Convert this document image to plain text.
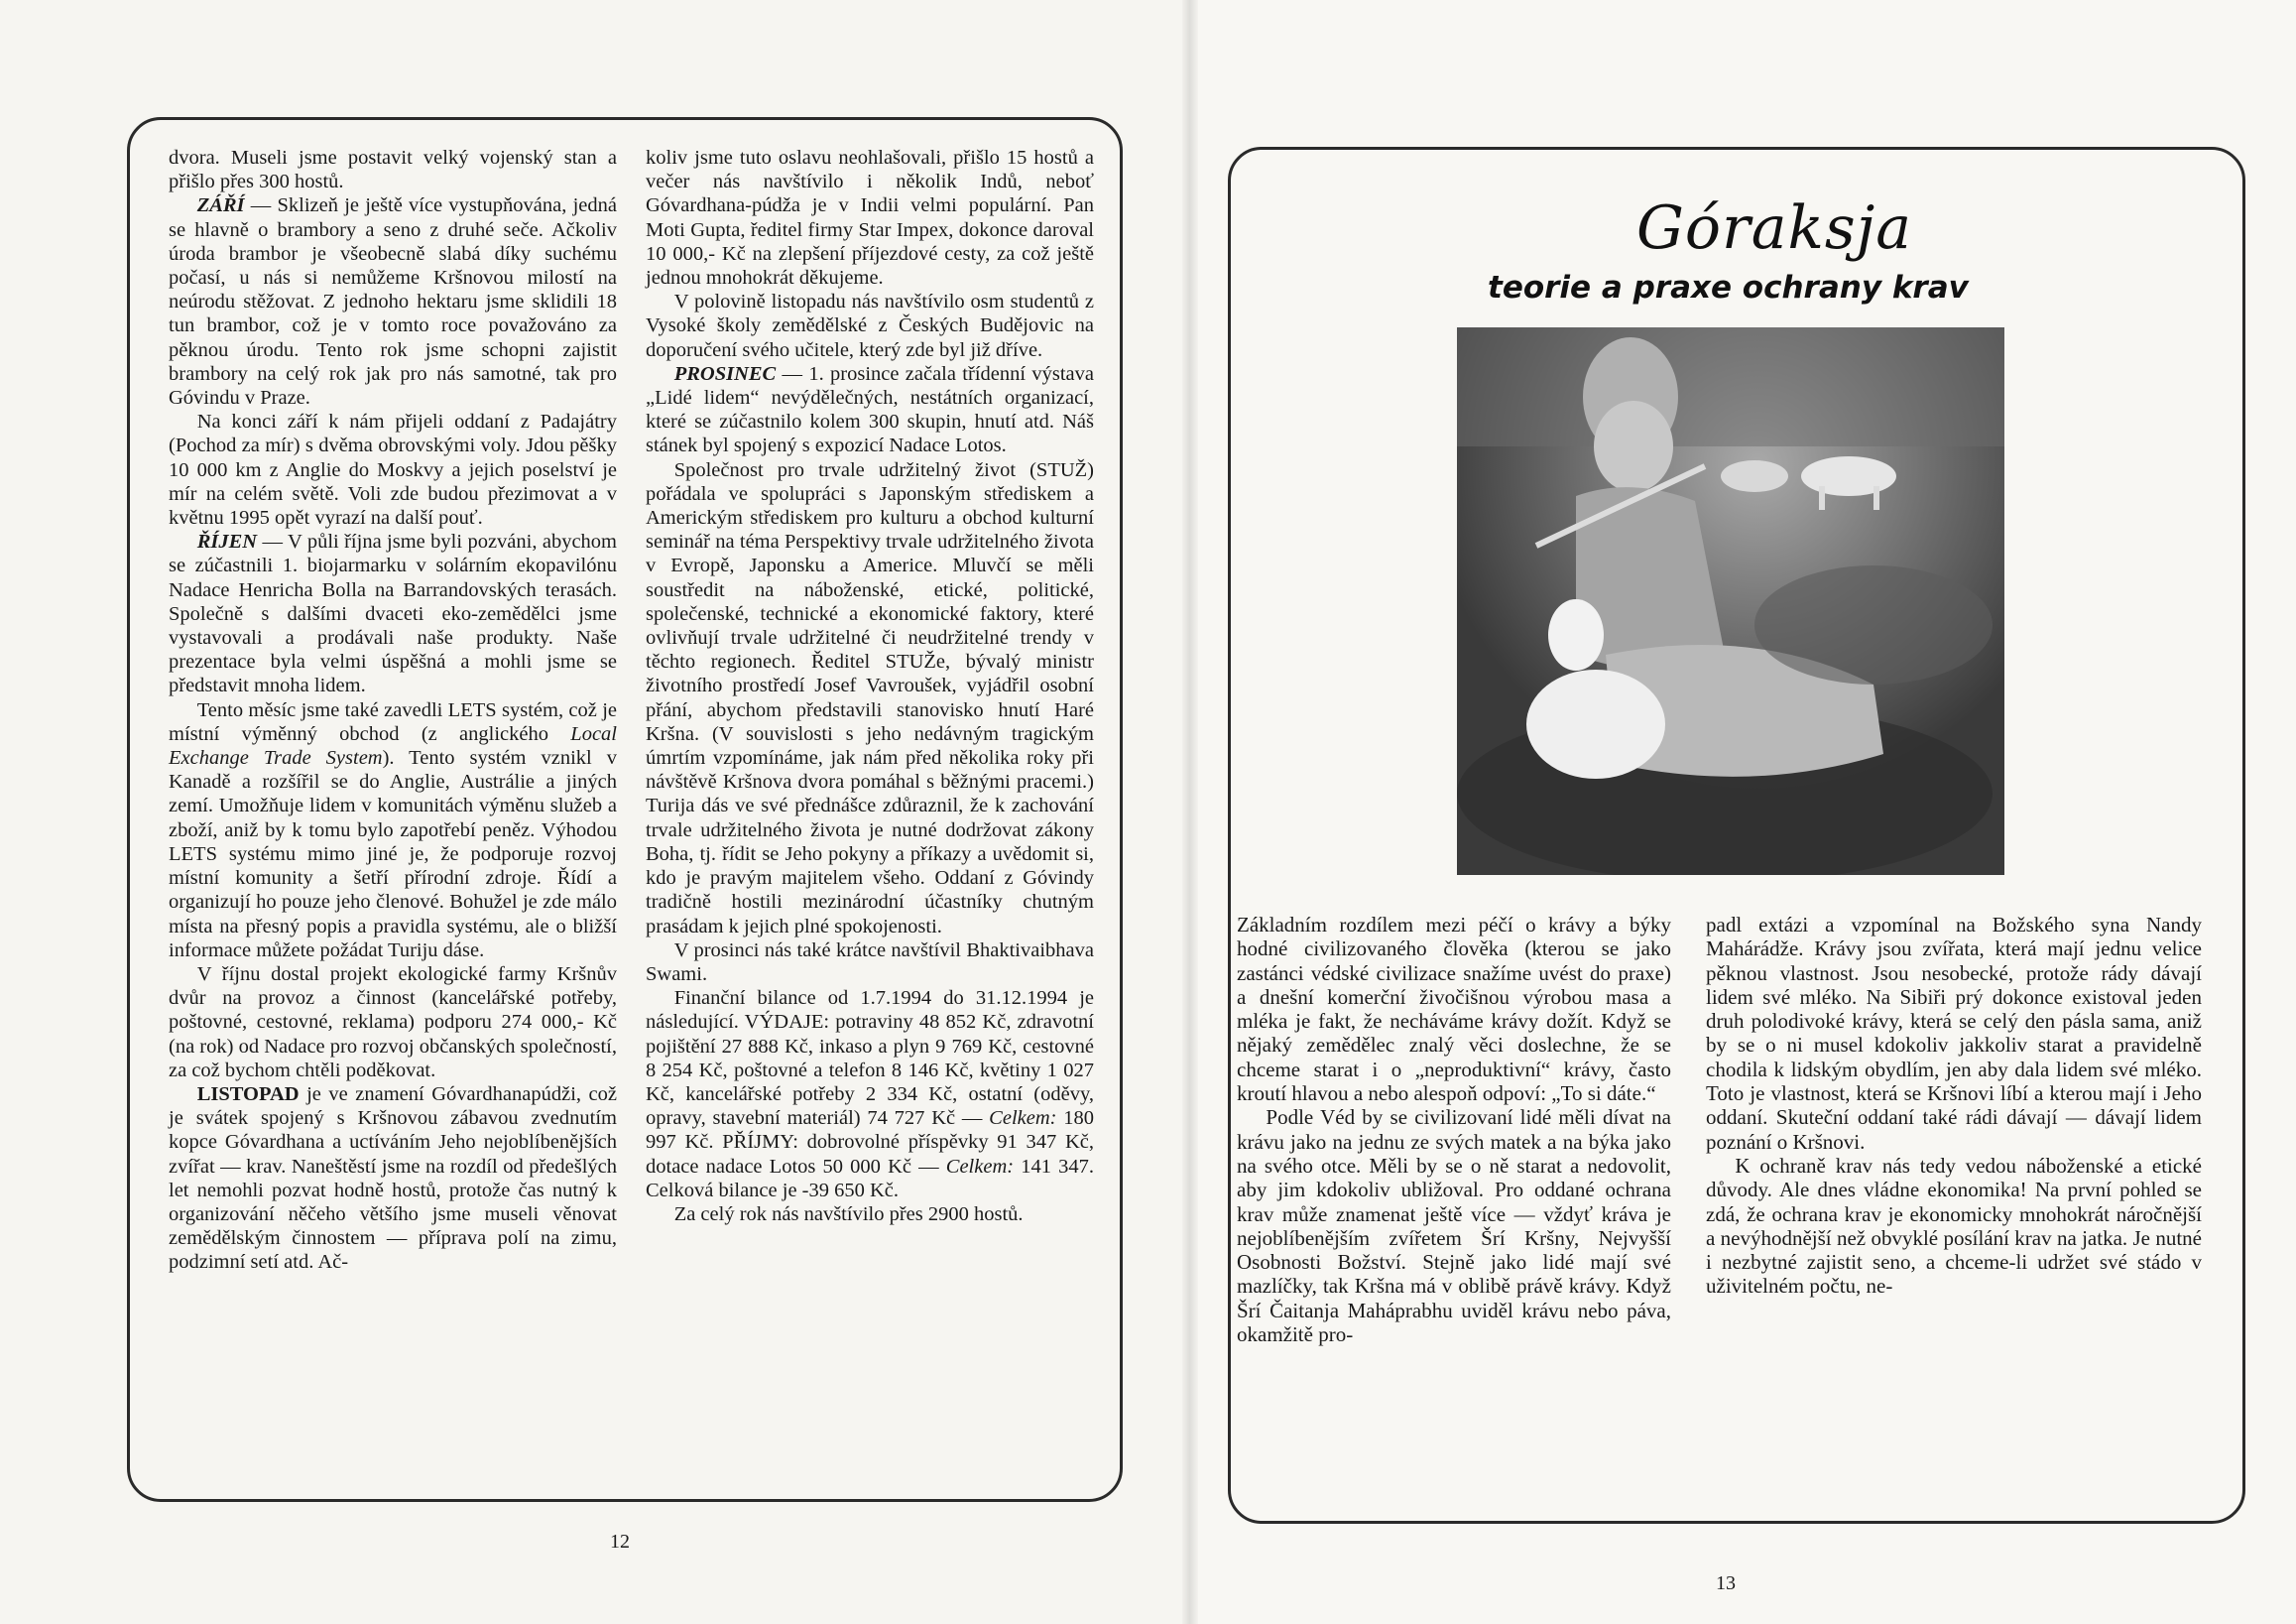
dvora. Museli jsme postavit velký vojenský stan a přišlo přes 300 hostů.

ZÁŘÍ — Sklizeň je ještě více vystupňována, jedná se hlavně o brambory a seno z druhé seče. Ačkoliv úroda brambor je všeobecně slabá díky suchému počasí, u nás si nemůžeme Kršnovou milostí na neúrodu stěžovat. Z jednoho hektaru jsme sklidili 18 tun brambor, což je v tomto roce považováno za pěknou úrodu. Tento rok jsme schopni zajistit brambory na celý rok jak pro nás samotné, tak pro Góvindu v Praze.

Na konci září k nám přijeli oddaní z Padajátry (Pochod za mír) s dvěma obrovskými voly. Jdou pěšky 10 000 km z Anglie do Moskvy a jejich poselství je mír na celém světě. Voli zde budou přezimovat a v květnu 1995 opět vyrazí na další pouť.

ŘÍJEN — V půli října jsme byli pozváni, abychom se zúčastnili 1. biojarmarku v solárním ekopavilónu Nadace Henricha Bolla na Barrandovských terasách. Společně s dalšími dvaceti eko-zemědělci jsme vystavovali a prodávali naše produkty. Naše prezentace byla velmi úspěšná a mohli jsme se představit mnoha lidem.

Tento měsíc jsme také zavedli LETS systém, což je místní výměnný obchod (z anglického Local Exchange Trade System). Tento systém vznikl v Kanadě a rozšířil se do Anglie, Austrálie a jiných zemí. Umožňuje lidem v komunitách výměnu služeb a zboží, aniž by k tomu bylo zapotřebí peněz. Výhodou LETS systému mimo jiné je, že podporuje rozvoj místní komunity a šetří přírodní zdroje. Řídí a organizují ho pouze jeho členové. Bohužel je zde málo místa na přesný popis a pravidla systému, ale o bližší informace můžete požádat Turiju dáse.

V říjnu dostal projekt ekologické farmy Kršnův dvůr na provoz a činnost (kancelářské potřeby, poštovné, cestovné, reklama) podporu 274 000,- Kč (na rok) od Nadace pro rozvoj občanských společností, za což bychom chtěli poděkovat.

LISTOPAD je ve znamení Góvardhanapúdži, což je svátek spojený s Kršnovou zábavou zvednutím kopce Góvardhana a uctíváním Jeho nejoblíbenějších zvířat — krav. Naneštěstí jsme na rozdíl od předešlých let nemohli pozvat hodně hostů, protože čas nutný k organizování něčeho většího jsme museli věnovat zemědělským činnostem — příprava polí na zimu, podzimní setí atd. Ač-

koliv jsme tuto oslavu neohlašovali, přišlo 15 hostů a večer nás navštívilo i několik Indů, neboť Góvardhana-púdža je v Indii velmi populární. Pan Moti Gupta, ředitel firmy Star Impex, dokonce daroval 10 000,- Kč na zlepšení příjezdové cesty, za což ještě jednou mnohokrát děkujeme.

V polovině listopadu nás navštívilo osm studentů z Vysoké školy zemědělské z Českých Budějovic na doporučení svého učitele, který zde byl již dříve.

PROSINEC — 1. prosince začala třídenní výstava „Lidé lidem“ nevýdělečných, nestátních organizací, které se zúčastnilo kolem 300 skupin, hnutí atd. Náš stánek byl spojený s expozicí Nadace Lotos.

Společnost pro trvale udržitelný život (STUŽ) pořádala ve spolupráci s Japonským střediskem a Americkým střediskem pro kulturu a obchod kulturní seminář na téma Perspektivy trvale udržitelného života v Evropě, Japonsku a Americe. Mluvčí se měli soustředit na náboženské, etické, politické, společenské, technické a ekonomické faktory, které ovlivňují trvale udržitelné či neudržitelné trendy v těchto regionech. Ředitel STUŽe, bývalý ministr životního prostředí Josef Vavroušek, vyjádřil osobní přání, abychom představili stanovisko hnutí Haré Kršna. (V souvislosti s jeho nedávným tragickým úmrtím vzpomínáme, jak nám před několika roky při návštěvě Kršnova dvora pomáhal s běžnými pracemi.) Turija dás ve své přednášce zdůraznil, že k zachování trvale udržitelného života je nutné dodržovat zákony Boha, tj. řídit se Jeho pokyny a příkazy a uvědomit si, kdo je pravým majitelem všeho. Oddaní z Góvindy tradičně hostili mezinárodní účastníky chutným prasádam k jejich plné spokojenosti.

V prosinci nás také krátce navštívil Bhaktivaibhava Swami.

Finanční bilance od 1.7.1994 do 31.12.1994 je následující. VÝDAJE: potraviny 48 852 Kč, zdravotní pojištění 27 888 Kč, inkaso a plyn 9 769 Kč, cestovné 8 254 Kč, poštovné a telefon 8 146 Kč, květiny 1 027 Kč, kancelářské potřeby 2 334 Kč, ostatní (oděvy, opravy, stavební materiál) 74 727 Kč — Celkem: 180 997 Kč. PŘÍJMY: dobrovolné příspěvky 91 347 Kč, dotace nadace Lotos 50 000 Kč — Celkem: 141 347. Celková bilance je -39 650 Kč.

Za celý rok nás navštívilo přes 2900 hostů.

12
Góraksja
teorie a praxe ochrany krav

Základním rozdílem mezi péčí o krávy a býky hodné civilizovaného člověka (kterou se jako zastánci védské civilizace snažíme uvést do praxe) a dnešní komerční živočišnou výrobou masa a mléka je fakt, že necháváme krávy dožít. Když se nějaký zemědělec znalý věci doslechne, že se chceme starat i o „neproduktivní“ krávy, často kroutí hlavou a nebo alespoň odpoví: „To si dáte.“

Podle Véd by se civilizovaní lidé měli dívat na krávu jako na jednu ze svých matek a na býka jako na svého otce. Měli by se o ně starat a nedovolit, aby jim kdokoliv ubližoval. Pro oddané ochrana krav může znamenat ještě více — vždyť kráva je nejoblíbenějším zvířetem Šrí Kršny, Nejvyšší Osobnosti Božství. Stejně jako lidé mají své mazlíčky, tak Kršna má v oblibě právě krávy. Když Šrí Čaitanja Maháprabhu uviděl krávu nebo páva, okamžitě pro-

padl extázi a vzpomínal na Božského syna Nandy Mahárádže. Krávy jsou zvířata, která mají jednu velice pěknou vlastnost. Jsou nesobecké, protože rády dávají lidem své mléko. Na Sibiři prý dokonce existoval jeden druh polodivoké krávy, která se celý den pásla sama, aniž by se o ni musel kdokoliv jakkoliv starat a pravidelně chodila k lidským obydlím, jen aby dala lidem své mléko. Toto je vlastnost, která se Kršnovi líbí a kterou mají i Jeho oddaní. Skuteční oddaní také rádi dávají — dávají lidem poznání o Kršnovi.

K ochraně krav nás tedy vedou náboženské a etické důvody. Ale dnes vládne ekonomika! Na první pohled se zdá, že ochrana krav je ekonomicky mnohokrát náročnější a nevýhodnější než obvyklé posílání krav na jatka. Je nutné i nezbytné zajistit seno, a chceme-li udržet své stádo v uživitelném počtu, ne-

13
